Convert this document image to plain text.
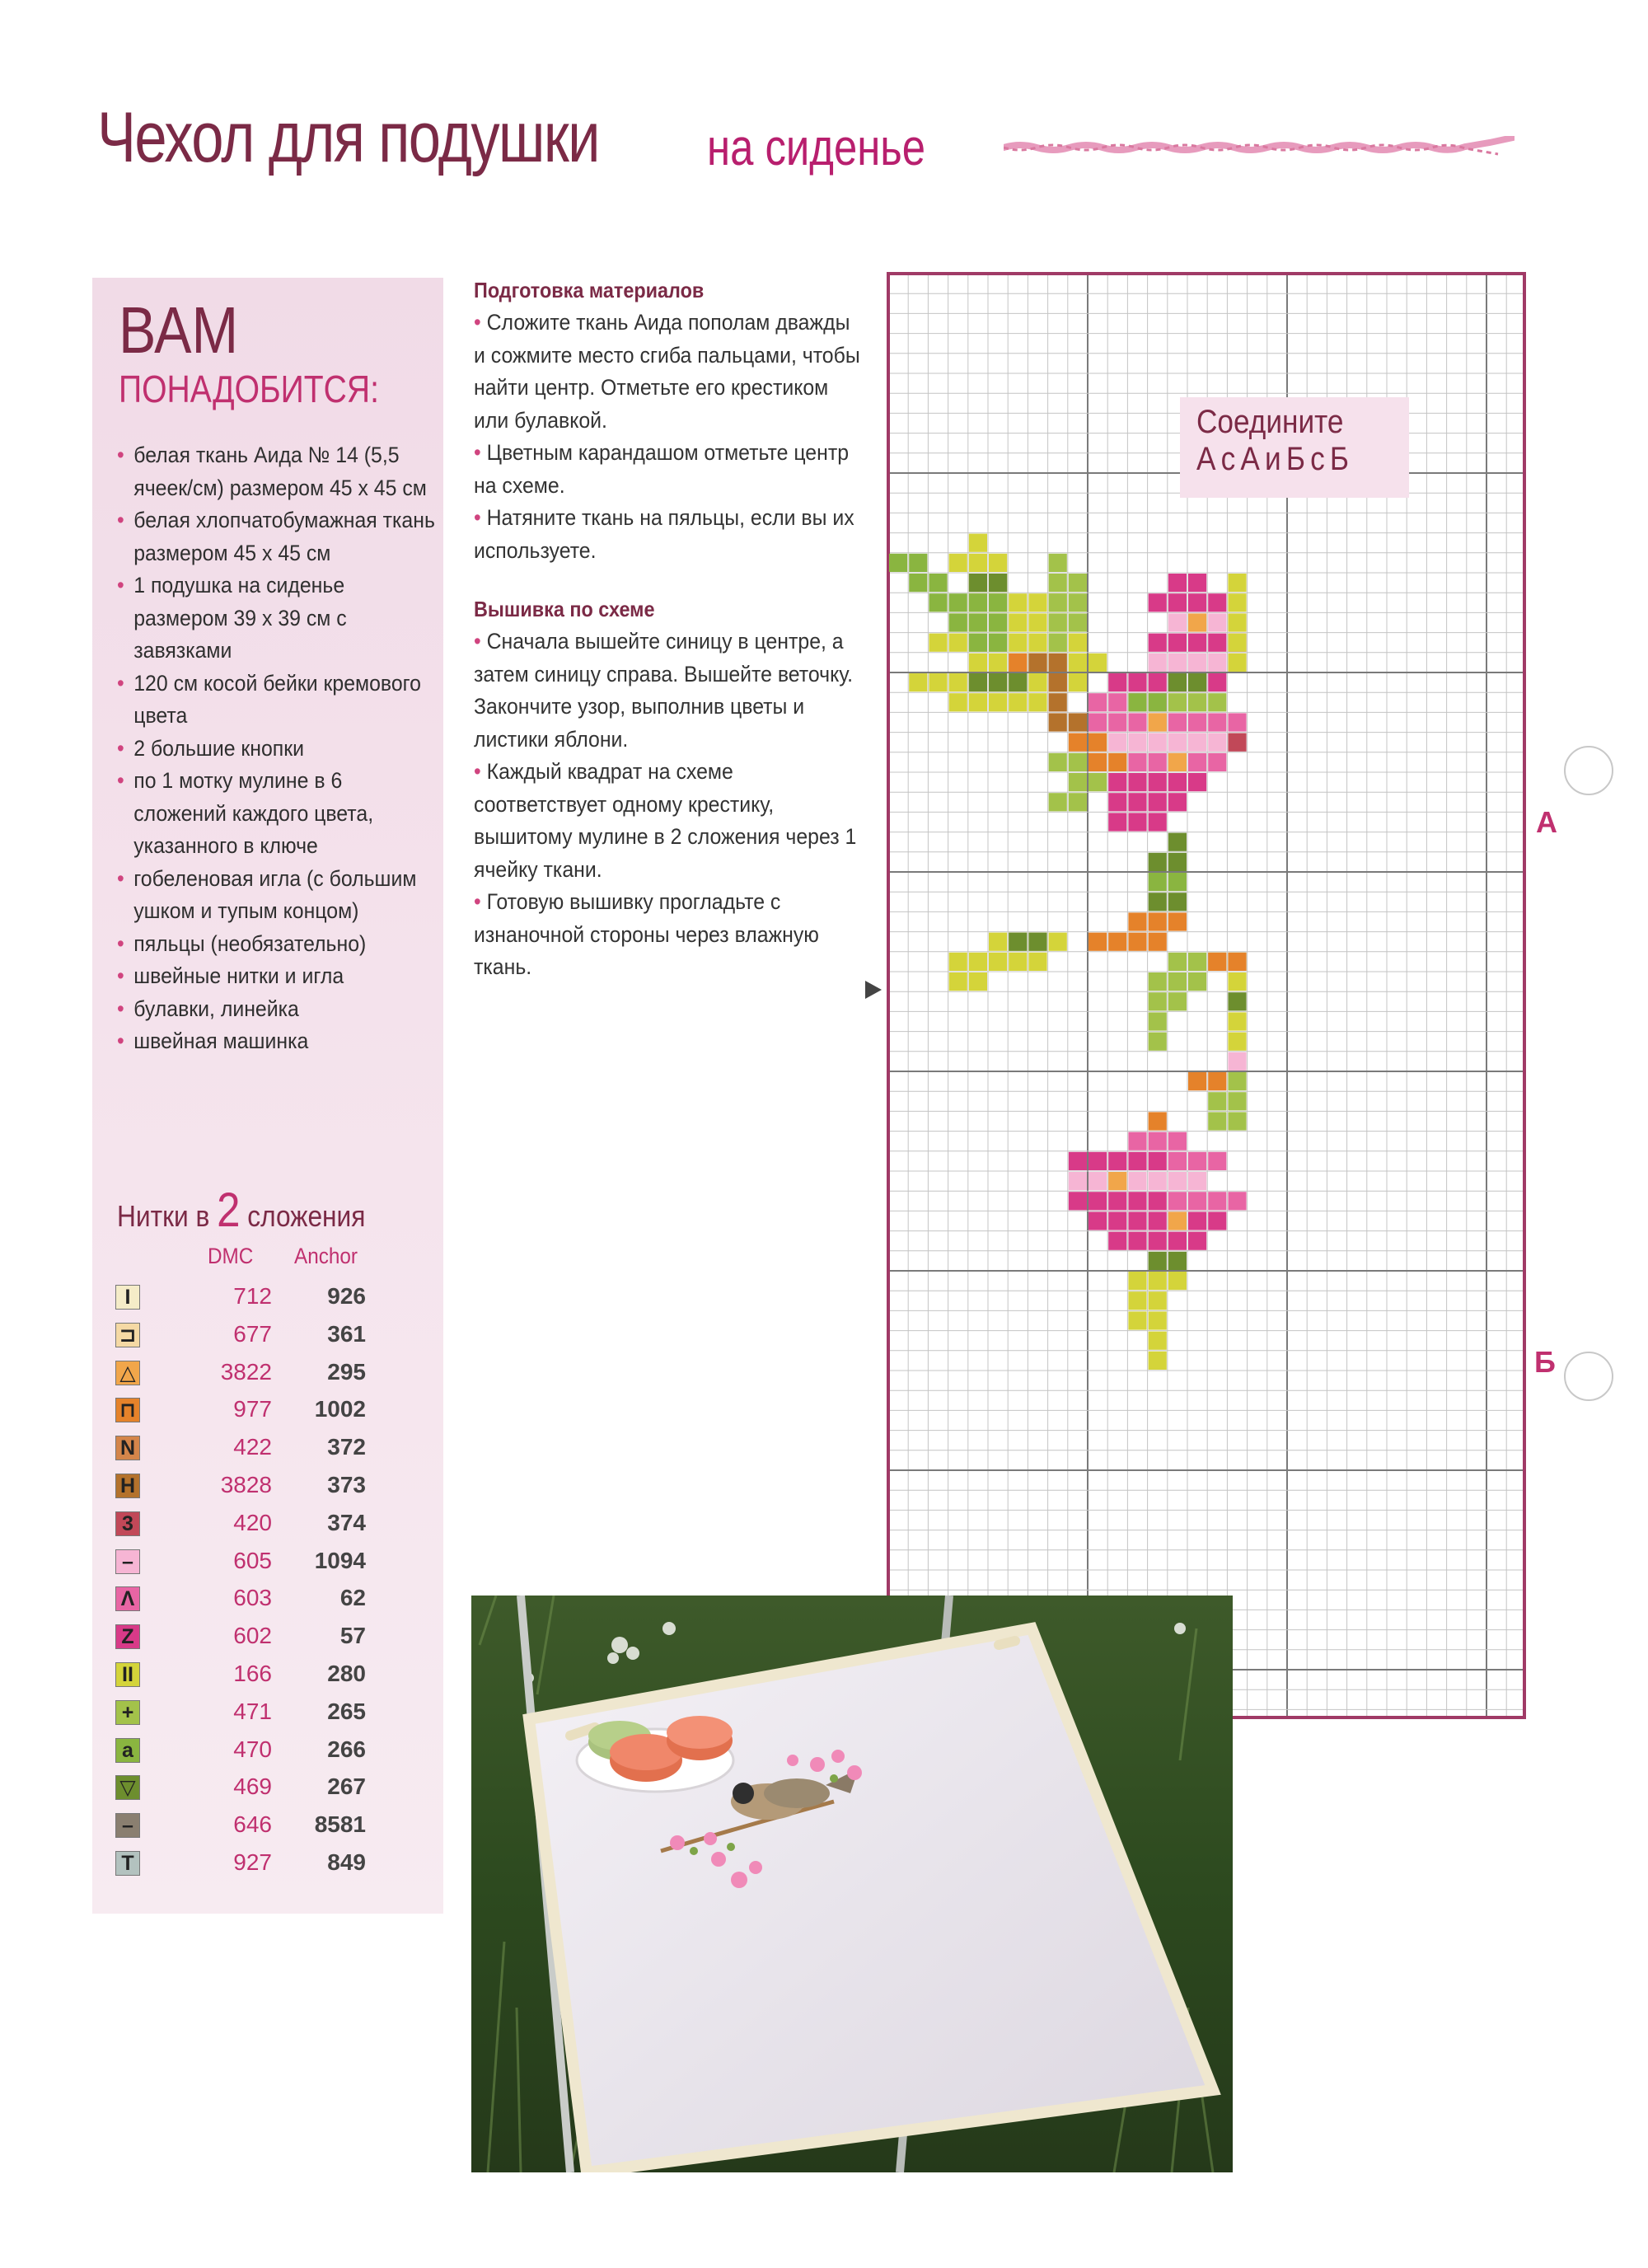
Чехол для подушки на сиденье
ВАМ
ПОНАДОБИТСЯ:
• белая ткань Аида № 14 (5,5 ячеек/см) размером 45 х 45 см
• белая хлопчатобумажная ткань размером 45 х 45 см
• 1 подушка на сиденье размером 39 х 39 см с завязками
• 120 см косой бейки кремового цвета
• 2 большие кнопки
• по 1 мотку мулине в 6 сложений каждого цвета, указанного в ключе
• гобеленовая игла (с большим ушком и тупым концом)
• пяльцы (необязательно)
• швейные нитки и игла
• булавки, линейка
• швейная машинка
Нитки в 2 сложения
DMC Anchor
I	712 926
⊐	677 361
△	3822 295
⊓	977 1002
N	422 372
H	3828 373
3	420 374
–	605 1094
Λ	603	62
Z	602	57
II	166 280
+	471 265
a	470 266
▽	469 267
–	646 8581
T	927 849
Подготовка материалов

• Сложите ткань Аида пополам дважды и сожмите место сгиба пальцами, чтобы найти центр. Отметьте его крестиком или булавкой.

• Цветным карандашом отметьте центр на схеме.

• Натяните ткань на пяльцы, если вы их используете.

Вышивка по схеме

• Сначала вышейте синицу в центре, а затем синицу справа. Вышейте веточку. Закончите узор, выполнив цветы и листики яблони.

• Каждый квадрат на схеме соответствует одному крестику, вышитому мулине в 2 сложения через 1 ячейку ткани.

• Готовую вышивку прогладьте с изнаночной стороны через влажную ткань.

Соедините
АсАиБсБ
А
Б
